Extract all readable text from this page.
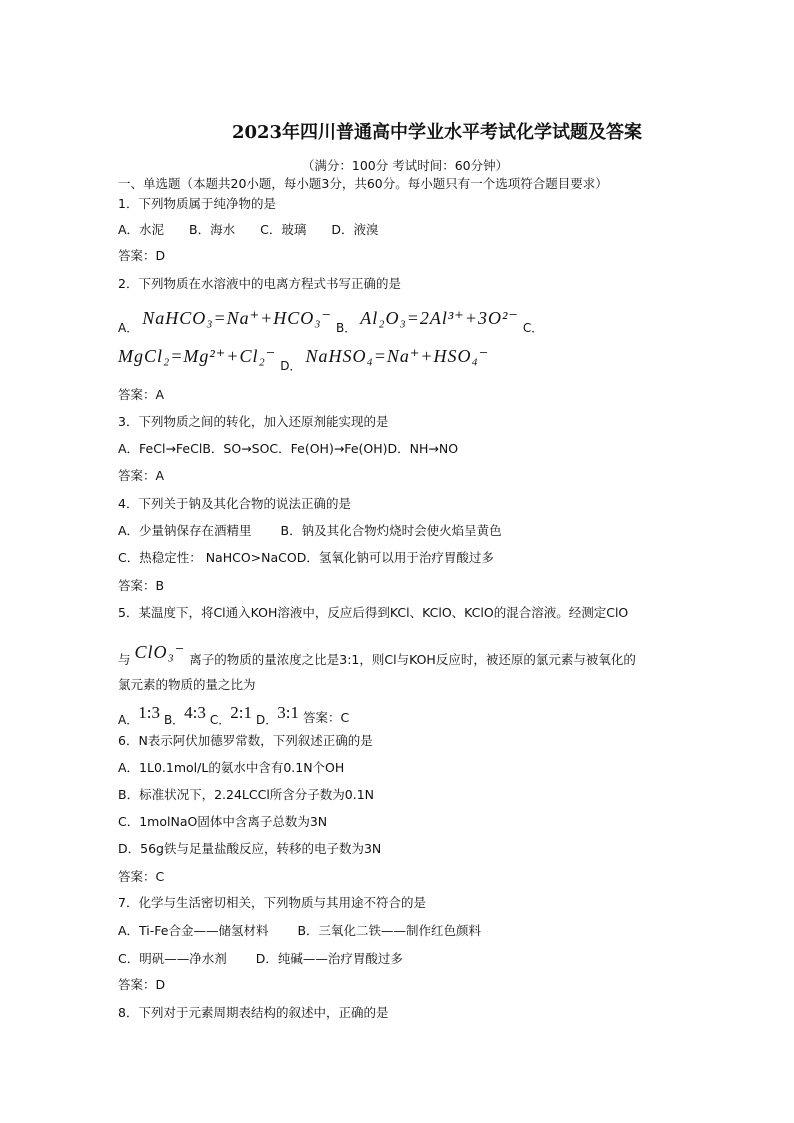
2023年四川普通高中学业水平考试化学试题及答案
（满分：100分 考试时间：60分钟）
一、单选题（本题共20小题，每小题3分，共60分。每小题只有一个选项符合题目要求）
1．下列物质属于纯净物的是
A．水泥　　B．海水　　C．玻璃　　D．液溴
答案：D
2．下列物质在水溶液中的电离方程式书写正确的是
A． NaHCO₃=Na⁺+HCO₃⁻ B． Al₂O₃=2Al³⁺+3O²⁻ C．
MgCl₂=Mg²⁺+Cl₂⁻ D． NaHSO₄=Na⁺+HSO₄⁻
答案：A
3．下列物质之间的转化，加入还原剂能实现的是
A．FeCl→FeClB．SO→SOC．Fe(OH)→Fe(OH)D．NH→NO
答案：A
4．下列关于钠及其化合物的说法正确的是
A．少量钠保存在酒精里　　 B．钠及其化合物灼烧时会使火焰呈黄色
C．热稳定性： NaHCO>NaCOD．氢氧化钠可以用于治疗胃酸过多
答案：B
5．某温度下，将Cl通入KOH溶液中，反应后得到KCl、KClO、KClO的混合溶液。经测定ClO
与 ClO₃⁻ 离子的物质的量浓度之比是3:1，则Cl与KOH反应时，被还原的氯元素与被氧化的
氯元素的物质的量之比为
A．1:3 B．4:3 C．2:1 D．3:1 答案：C
6．N表示阿伏加德罗常数，下列叙述正确的是
A．1L0.1mol/L的氨水中含有0.1N个OH
B．标准状况下，2.24LCCl所含分子数为0.1N
C．1molNaO固体中含离子总数为3N
D．56g铁与足量盐酸反应，转移的电子数为3N
答案：C
7．化学与生活密切相关，下列物质与其用途不符合的是
A．Ti-Fe合金——储氢材料　　 B．三氧化二铁——制作红色颜料
C．明矾——净水剂　　 D．纯碱——治疗胃酸过多
答案：D
8．下列对于元素周期表结构的叙述中，正确的是
